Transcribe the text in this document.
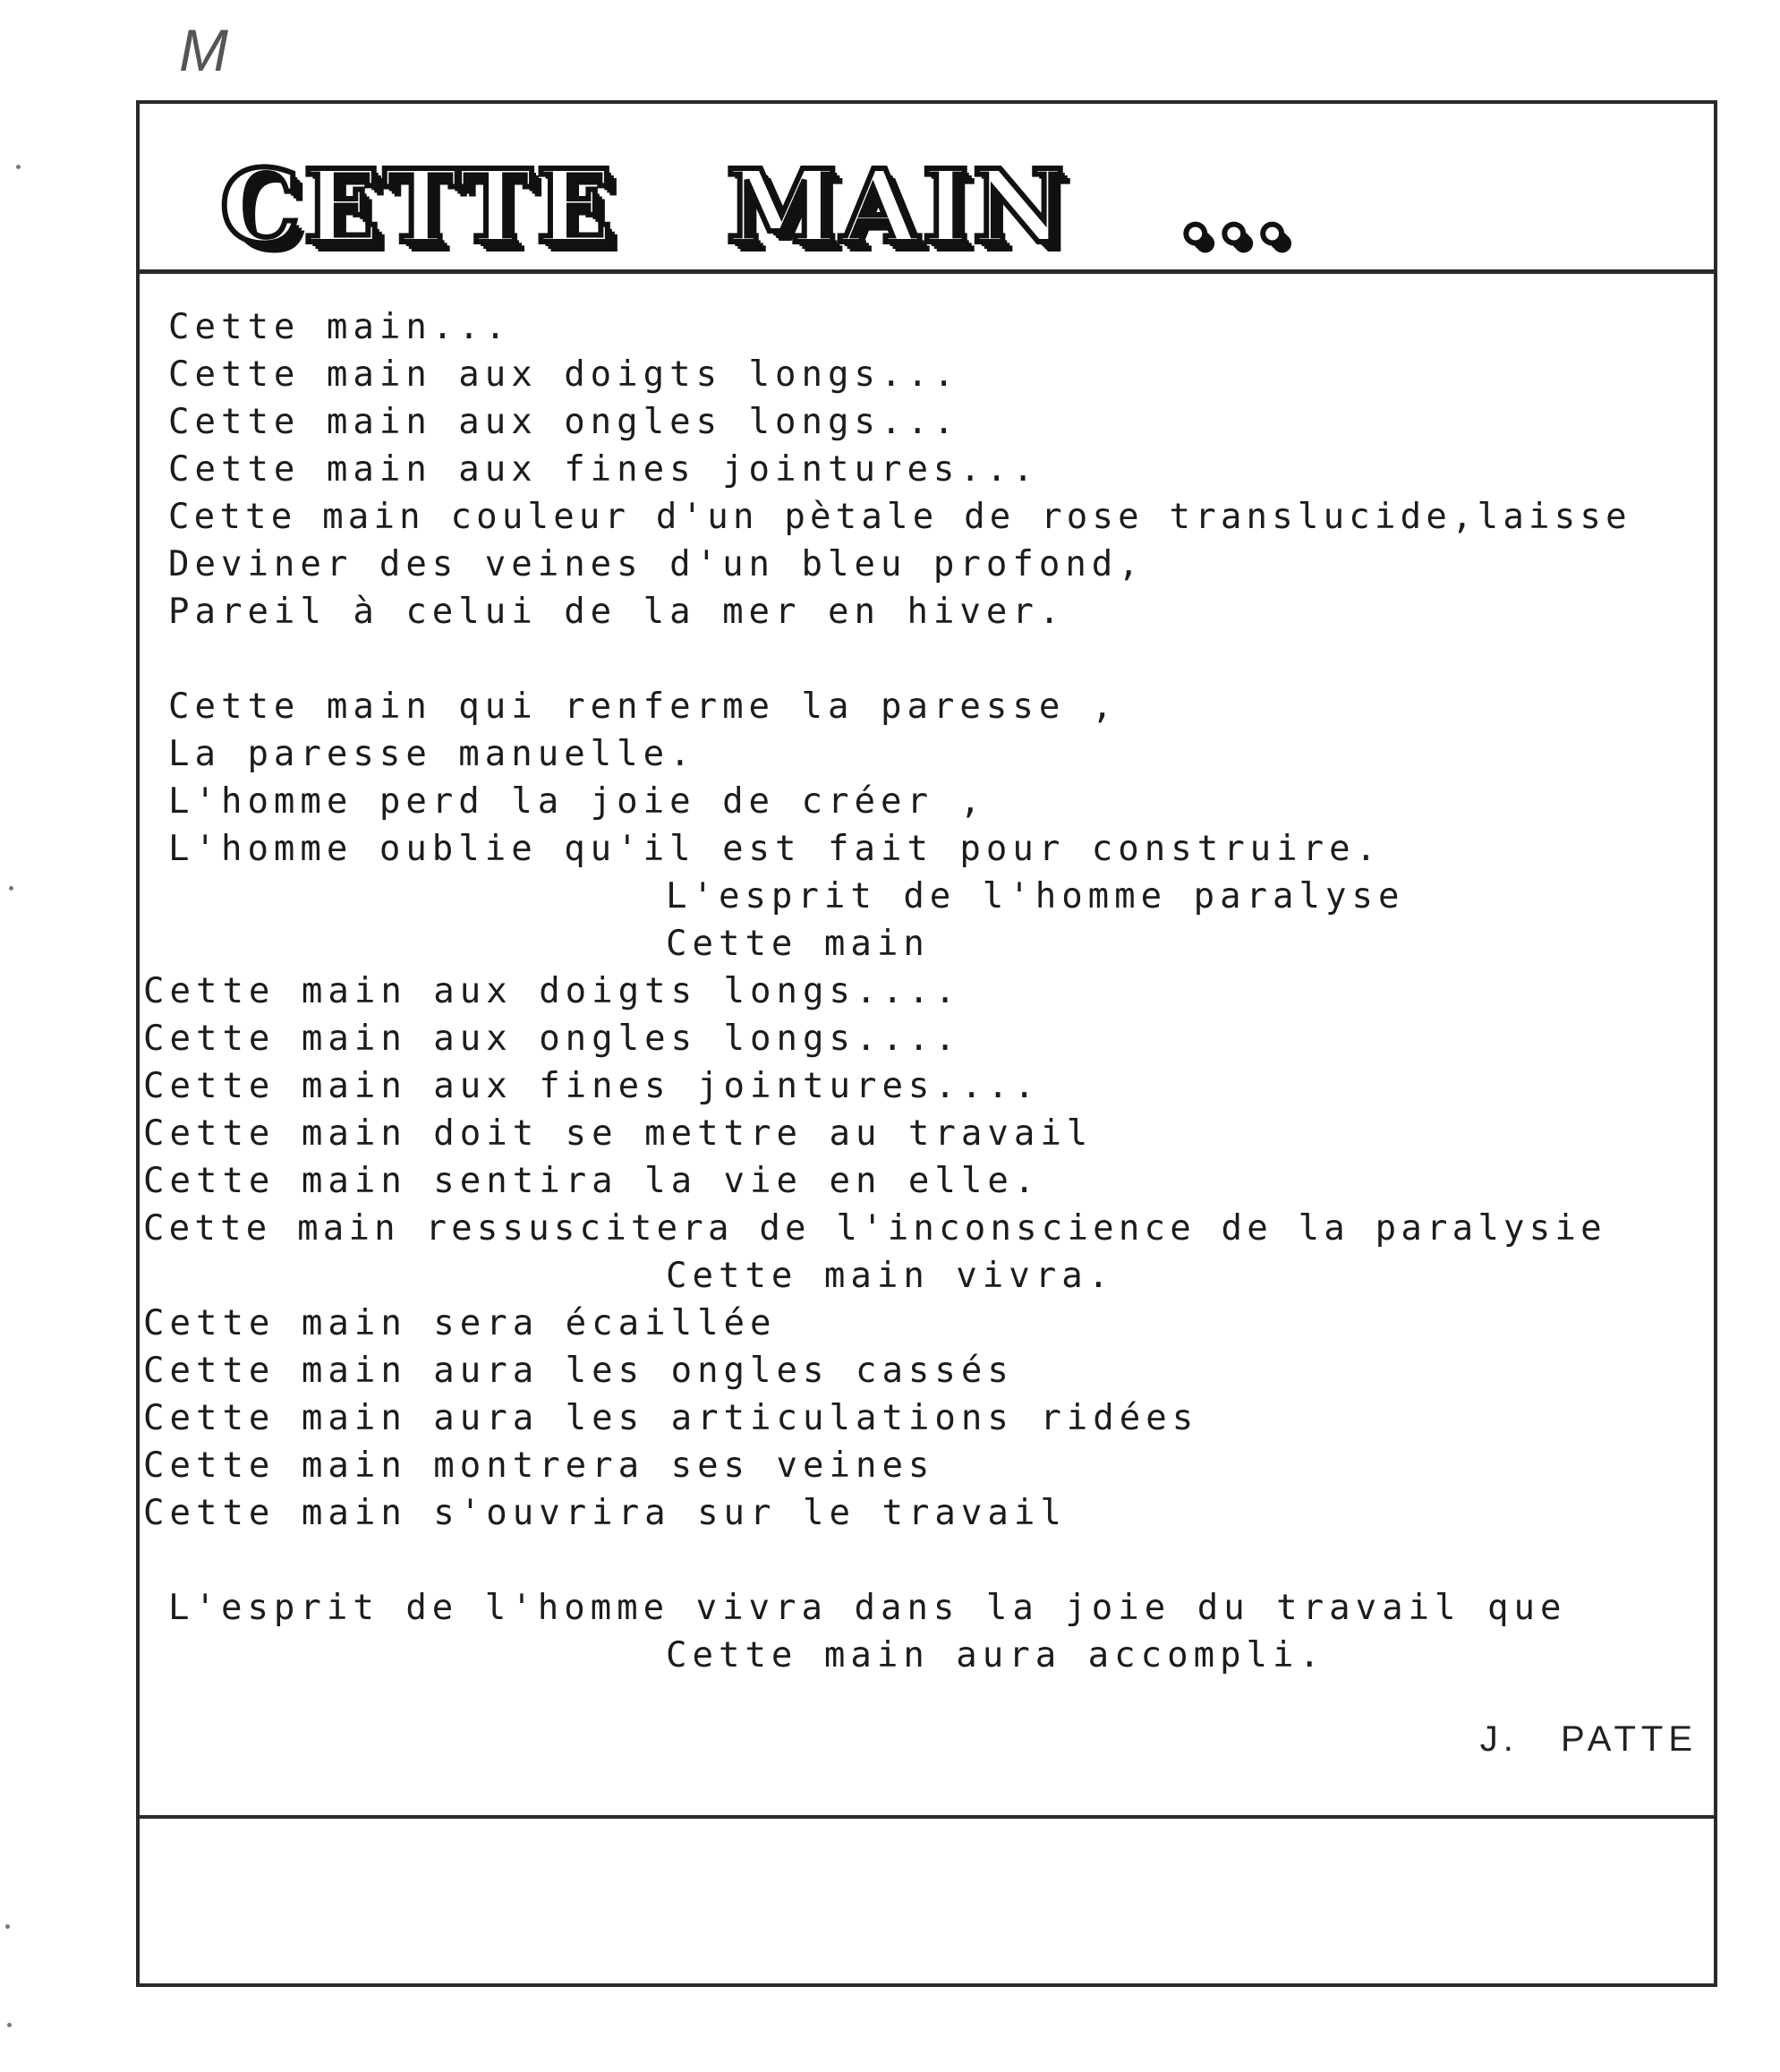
M
CETTE MAIN ...
Cette main...
Cette main aux doigts longs...
Cette main aux ongles longs...
Cette main aux fines jointures...
Cette main couleur d'un pètale de rose translucide,laisse
Deviner des veines d'un bleu profond,
Pareil à celui de la mer en hiver.
Cette main qui renferme la paresse ,
La paresse manuelle.
L'homme perd la joie de créer ,
L'homme oublie qu'il est fait pour construire.
L'esprit de l'homme paralyse
Cette main
Cette main aux doigts longs....
Cette main aux ongles longs....
Cette main aux fines jointures....
Cette main doit se mettre au travail
Cette main sentira la vie en elle.
Cette main ressuscitera de l'inconscience de la paralysie
Cette main vivra.
Cette main sera écaillée
Cette main aura les ongles cassés
Cette main aura les articulations ridées
Cette main montrera ses veines
Cette main s'ouvrira sur le travail
L'esprit de l'homme vivra dans la joie du travail que
Cette main aura accompli.
J. PATTE
